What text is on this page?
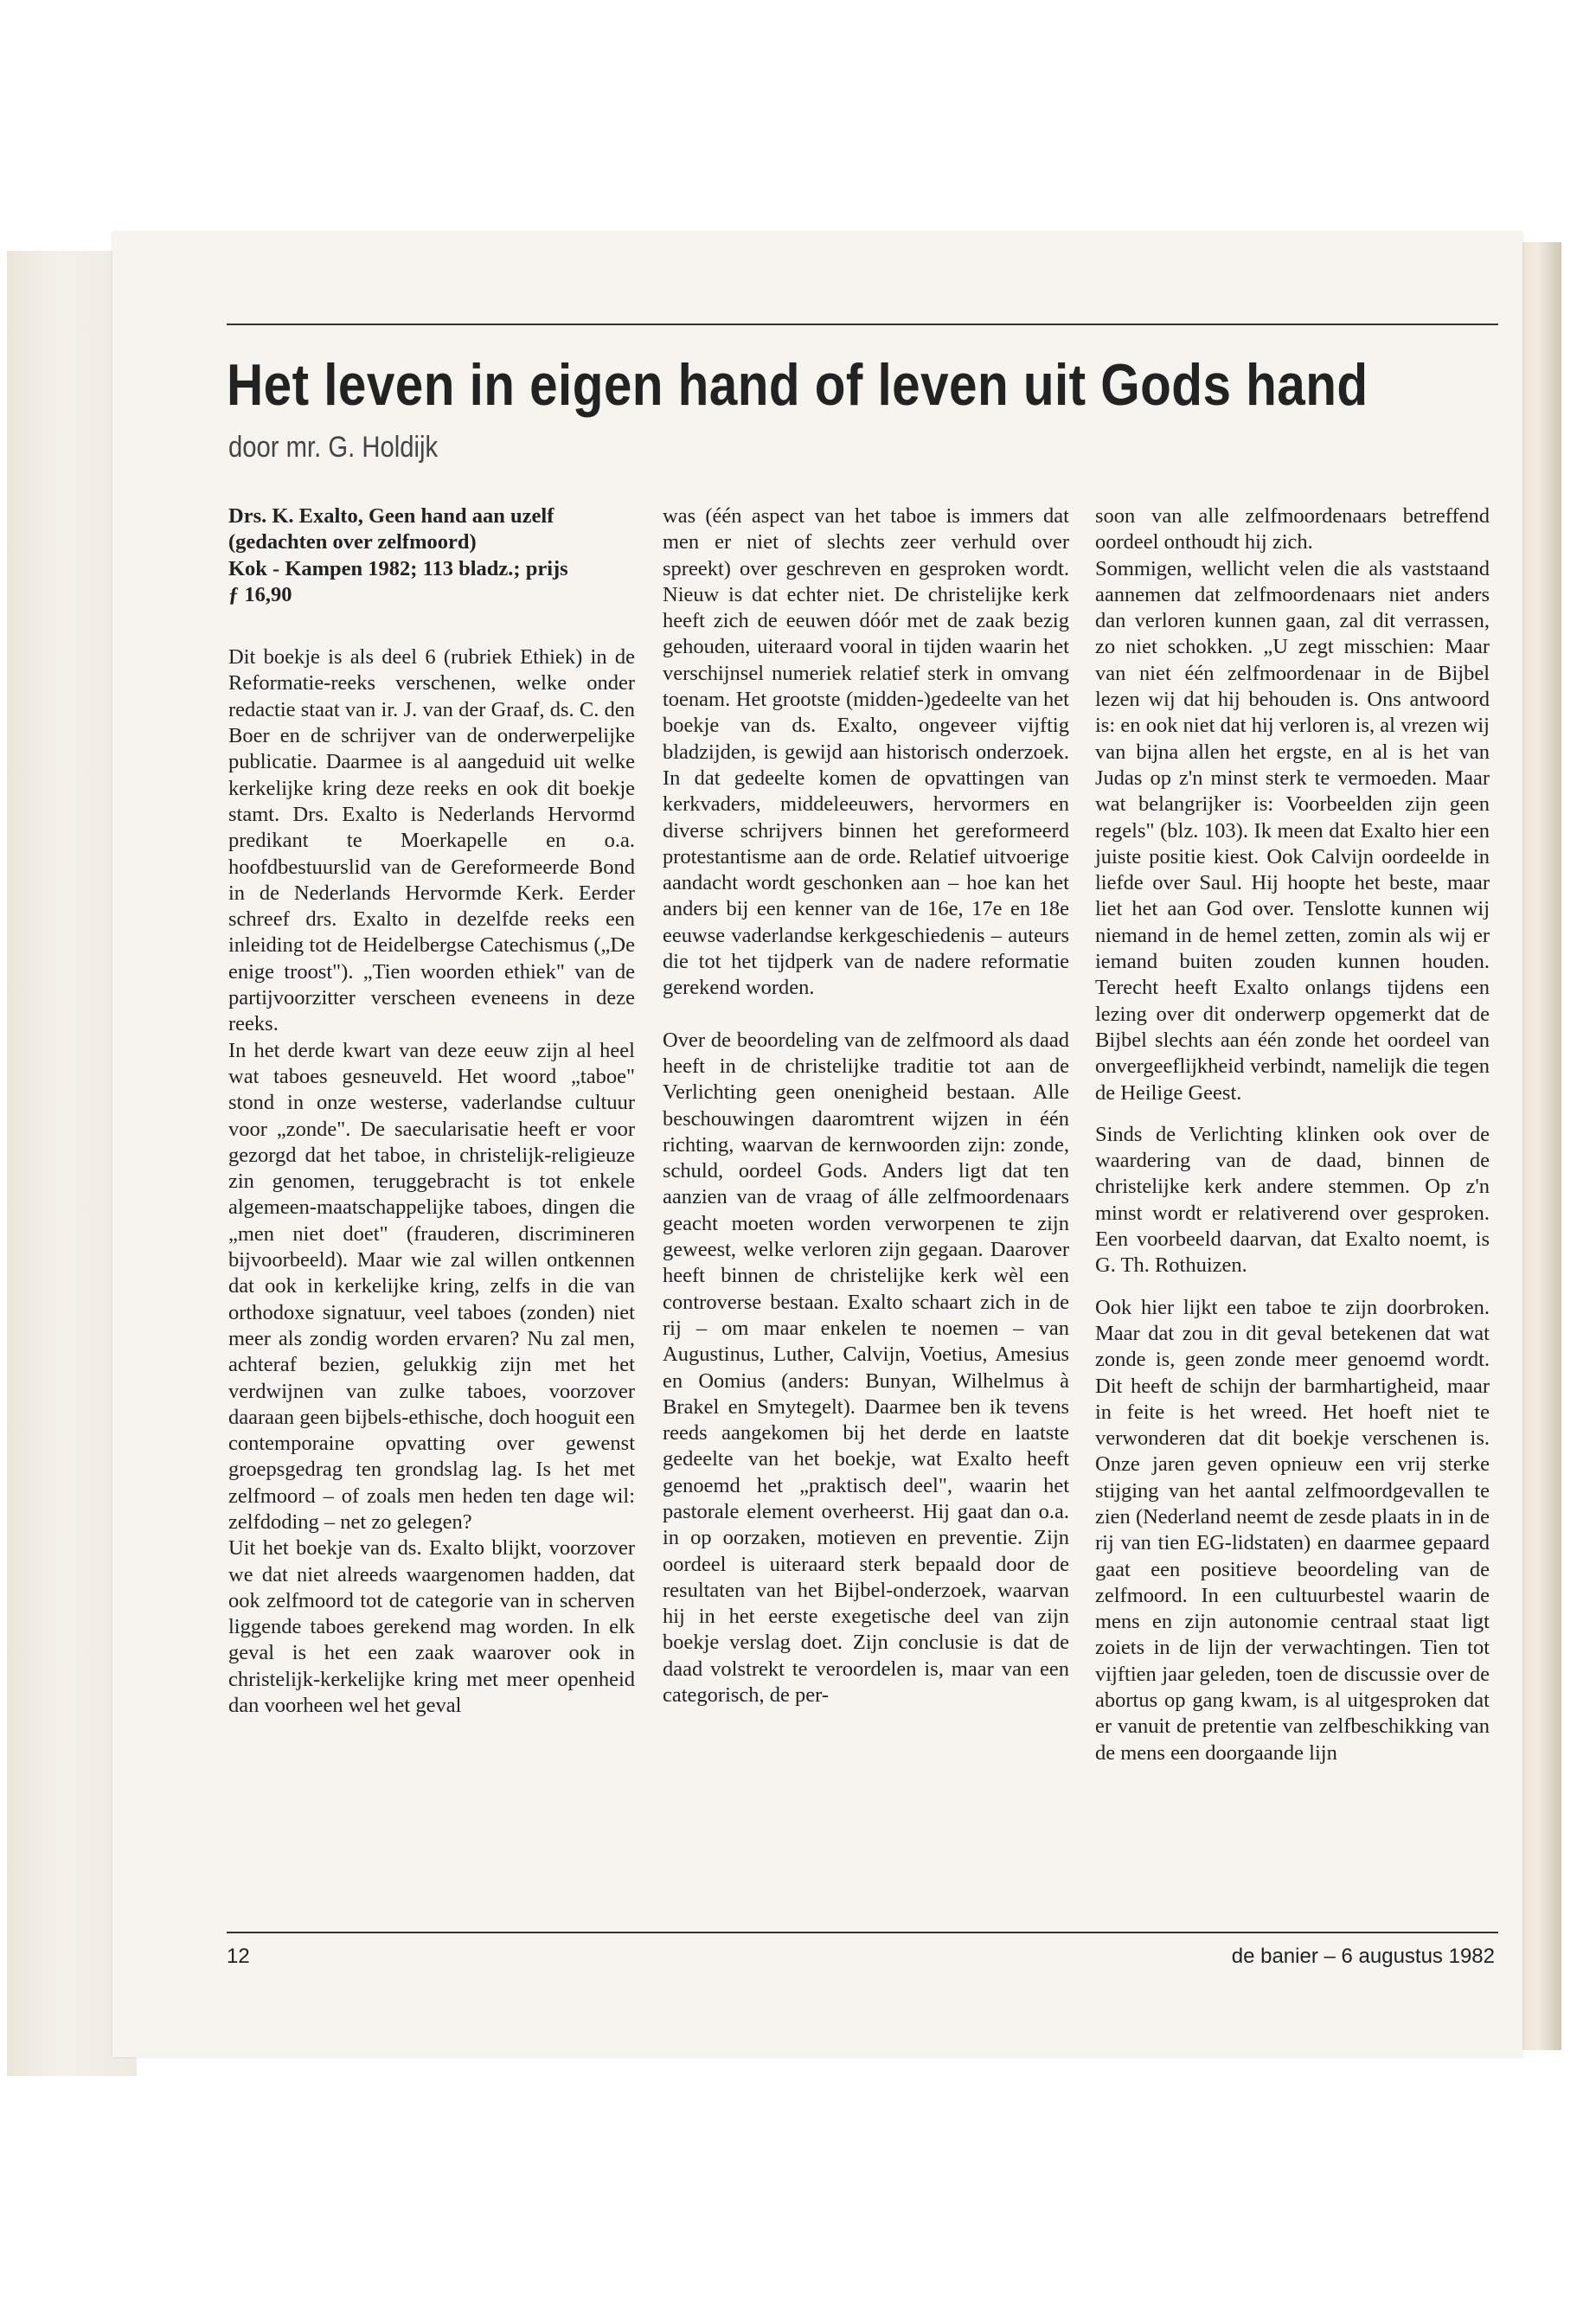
Het leven in eigen hand of leven uit Gods hand
door mr. G. Holdijk

Drs. K. Exalto, Geen hand aan uzelf

(gedachten over zelfmoord)

Kok - Kampen 1982; 113 bladz.; prijs

ƒ 16,90

Dit boekje is als deel 6 (rubriek Ethiek) in de Reformatie-reeks verschenen, welke onder redactie staat van ir. J. van der Graaf, ds. C. den Boer en de schrijver van de onderwerpelijke publicatie. Daarmee is al aangeduid uit welke kerkelijke kring deze reeks en ook dit boekje stamt. Drs. Exalto is Nederlands Hervormd predikant te Moerkapelle en o.a. hoofdbestuurslid van de Gereformeerde Bond in de Nederlands Hervormde Kerk. Eerder schreef drs. Exalto in dezelfde reeks een inleiding tot de Heidelbergse Catechismus („De enige troost"). „Tien woorden ethiek" van de partijvoorzitter verscheen eveneens in deze reeks.

In het derde kwart van deze eeuw zijn al heel wat taboes gesneuveld. Het woord „taboe" stond in onze westerse, vaderlandse cultuur voor „zonde". De saecularisatie heeft er voor gezorgd dat het taboe, in christelijk-religieuze zin genomen, teruggebracht is tot enkele algemeen-maatschappelijke taboes, dingen die „men niet doet" (frauderen, discrimineren bijvoorbeeld). Maar wie zal willen ontkennen dat ook in kerkelijke kring, zelfs in die van orthodoxe signatuur, veel taboes (zonden) niet meer als zondig worden ervaren? Nu zal men, achteraf bezien, gelukkig zijn met het verdwijnen van zulke taboes, voorzover daaraan geen bijbels-ethische, doch hooguit een contemporaine opvatting over gewenst groepsgedrag ten grondslag lag. Is het met zelfmoord – of zoals men heden ten dage wil: zelfdoding – net zo gelegen?

Uit het boekje van ds. Exalto blijkt, voorzover we dat niet alreeds waargenomen hadden, dat ook zelfmoord tot de categorie van in scherven liggende taboes gerekend mag worden. In elk geval is het een zaak waarover ook in christelijk-kerkelijke kring met meer openheid dan voorheen wel het geval

was (één aspect van het taboe is immers dat men er niet of slechts zeer verhuld over spreekt) over geschreven en gesproken wordt. Nieuw is dat echter niet. De christelijke kerk heeft zich de eeuwen dóór met de zaak bezig gehouden, uiteraard vooral in tijden waarin het verschijnsel numeriek relatief sterk in omvang toenam. Het grootste (midden-)gedeelte van het boekje van ds. Exalto, ongeveer vijftig bladzijden, is gewijd aan historisch onderzoek. In dat gedeelte komen de opvattingen van kerkvaders, middeleeuwers, hervormers en diverse schrijvers binnen het gereformeerd protestantisme aan de orde. Relatief uitvoerige aandacht wordt geschonken aan – hoe kan het anders bij een kenner van de 16e, 17e en 18e eeuwse vaderlandse kerkgeschiedenis – auteurs die tot het tijdperk van de nadere reformatie gerekend worden.

Over de beoordeling van de zelfmoord als daad heeft in de christelijke traditie tot aan de Verlichting geen onenigheid bestaan. Alle beschouwingen daaromtrent wijzen in één richting, waarvan de kernwoorden zijn: zonde, schuld, oordeel Gods. Anders ligt dat ten aanzien van de vraag of álle zelfmoordenaars geacht moeten worden verworpenen te zijn geweest, welke verloren zijn gegaan. Daarover heeft binnen de christelijke kerk wèl een controverse bestaan. Exalto schaart zich in de rij – om maar enkelen te noemen – van Augustinus, Luther, Calvijn, Voetius, Amesius en Oomius (anders: Bunyan, Wilhelmus à Brakel en Smytegelt). Daarmee ben ik tevens reeds aangekomen bij het derde en laatste gedeelte van het boekje, wat Exalto heeft genoemd het „praktisch deel", waarin het pastorale element overheerst. Hij gaat dan o.a. in op oorzaken, motieven en preventie. Zijn oordeel is uiteraard sterk bepaald door de resultaten van het Bijbel-onderzoek, waarvan hij in het eerste exegetische deel van zijn boekje verslag doet. Zijn conclusie is dat de daad volstrekt te veroordelen is, maar van een categorisch, de per-

soon van alle zelfmoordenaars betreffend oordeel onthoudt hij zich.

Sommigen, wellicht velen die als vaststaand aannemen dat zelfmoordenaars niet anders dan verloren kunnen gaan, zal dit verrassen, zo niet schokken. „U zegt misschien: Maar van niet één zelfmoordenaar in de Bijbel lezen wij dat hij behouden is. Ons antwoord is: en ook niet dat hij verloren is, al vrezen wij van bijna allen het ergste, en al is het van Judas op z'n minst sterk te vermoeden. Maar wat belangrijker is: Voorbeelden zijn geen regels" (blz. 103). Ik meen dat Exalto hier een juiste positie kiest. Ook Calvijn oordeelde in liefde over Saul. Hij hoopte het beste, maar liet het aan God over. Tenslotte kunnen wij niemand in de hemel zetten, zomin als wij er iemand buiten zouden kunnen houden. Terecht heeft Exalto onlangs tijdens een lezing over dit onderwerp opgemerkt dat de Bijbel slechts aan één zonde het oordeel van onvergeeflijkheid verbindt, namelijk die tegen de Heilige Geest.

Sinds de Verlichting klinken ook over de waardering van de daad, binnen de christelijke kerk andere stemmen. Op z'n minst wordt er relativerend over gesproken. Een voorbeeld daarvan, dat Exalto noemt, is G. Th. Rothuizen.

Ook hier lijkt een taboe te zijn doorbroken. Maar dat zou in dit geval betekenen dat wat zonde is, geen zonde meer genoemd wordt. Dit heeft de schijn der barmhartigheid, maar in feite is het wreed. Het hoeft niet te verwonderen dat dit boekje verschenen is. Onze jaren geven opnieuw een vrij sterke stijging van het aantal zelfmoordgevallen te zien (Nederland neemt de zesde plaats in in de rij van tien EG-lidstaten) en daarmee gepaard gaat een positieve beoordeling van de zelfmoord. In een cultuurbestel waarin de mens en zijn autonomie centraal staat ligt zoiets in de lijn der verwachtingen. Tien tot vijftien jaar geleden, toen de discussie over de abortus op gang kwam, is al uitgesproken dat er vanuit de pretentie van zelfbeschikking van de mens een doorgaande lijn

12	de banier – 6 augustus 1982
